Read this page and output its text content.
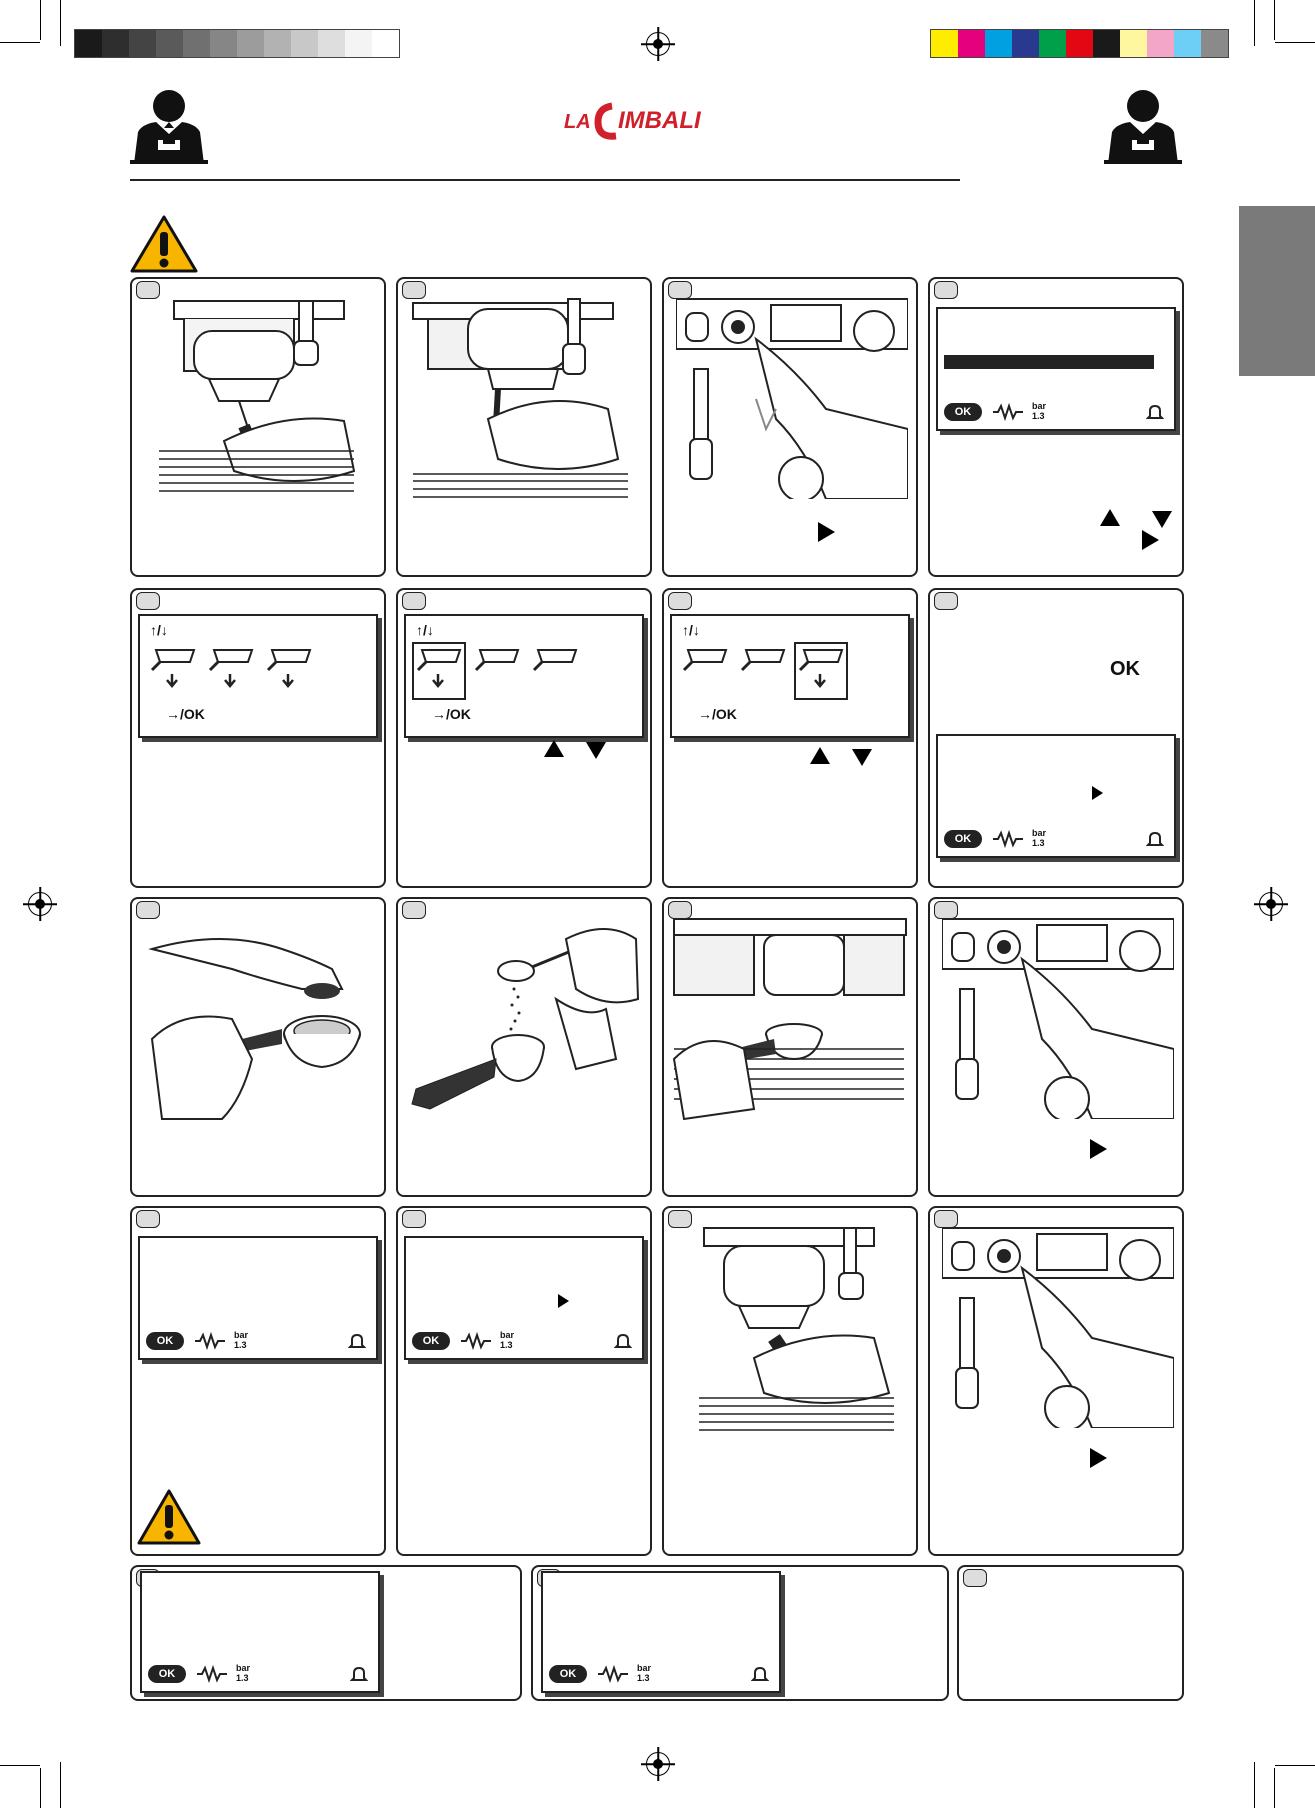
LA IMBALI
OK	bar
1.3
↑/↓
→/OK
↑/↓
→/OK
↑/↓
→/OK
OK
OK	bar
1.3
OK	bar
1.3	OK	bar
1.3
OK	bar
1.3	OK	bar
1.3
